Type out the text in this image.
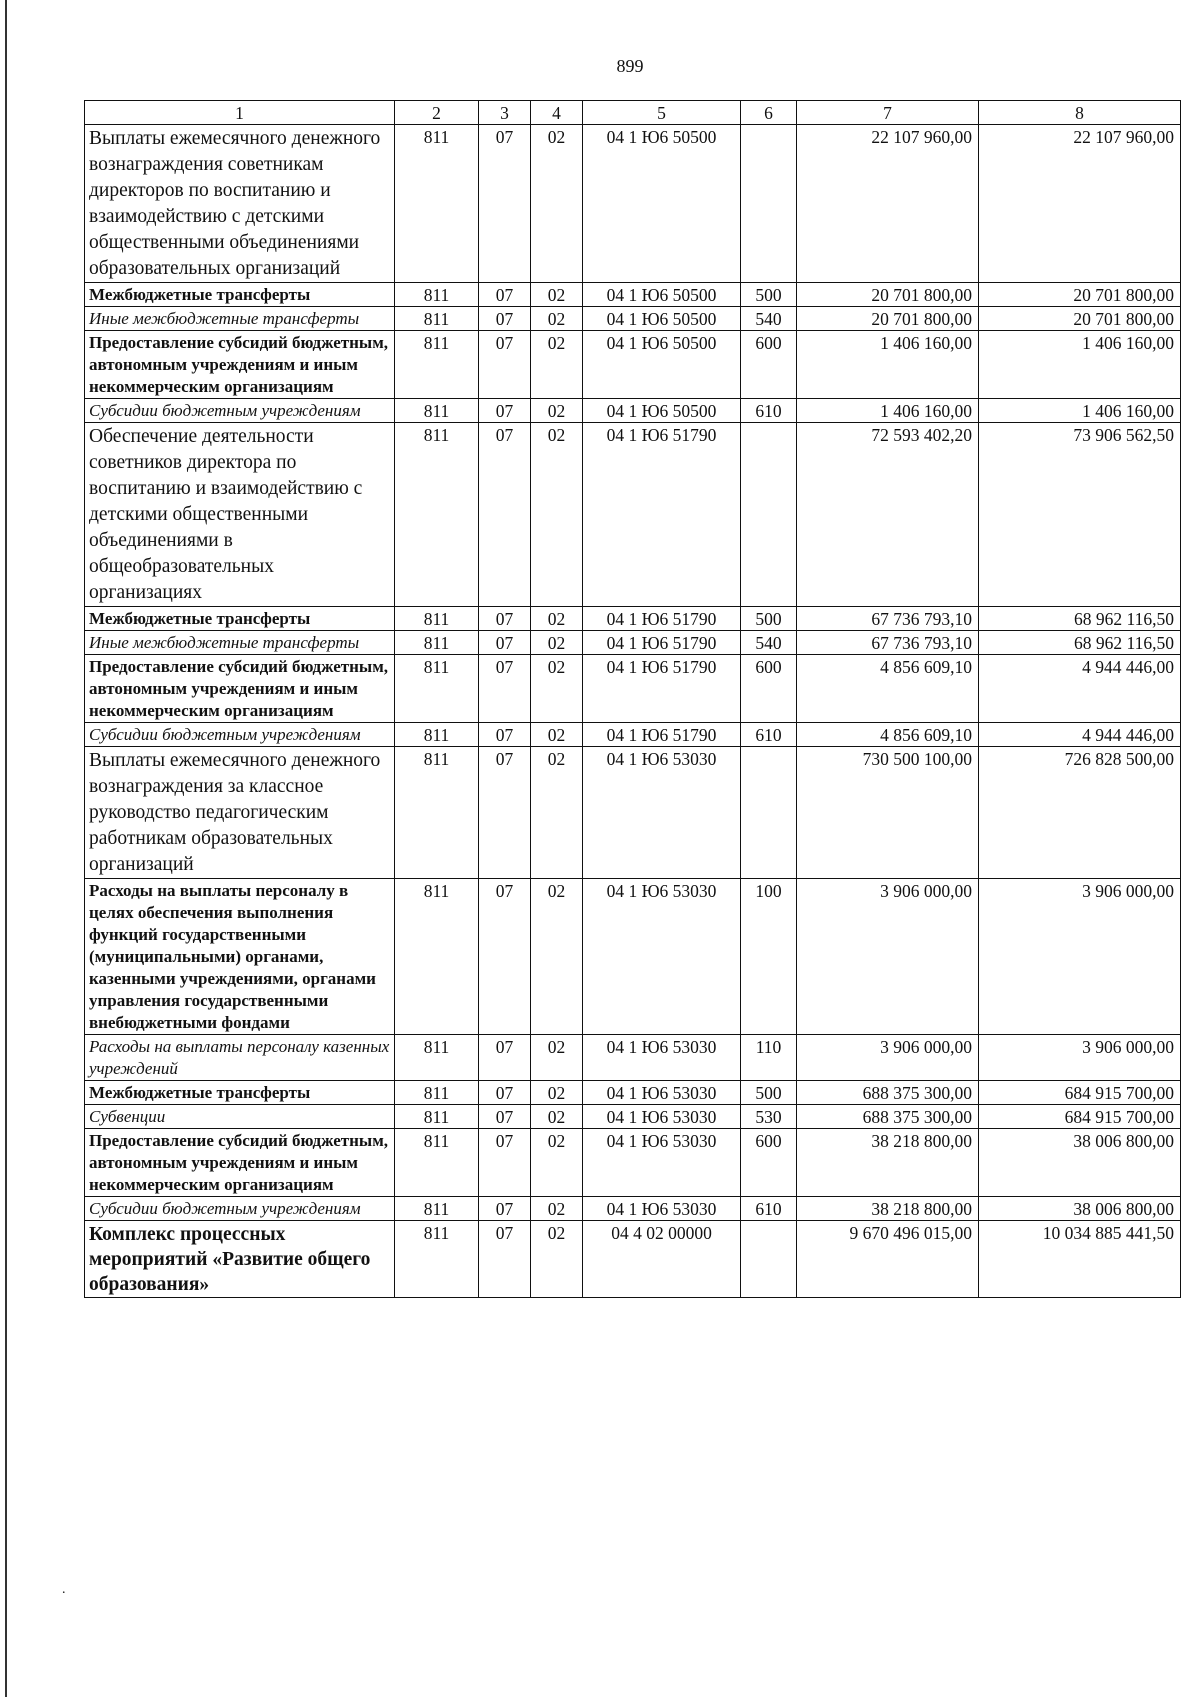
899
1	2	3	4	5	6	7	8
Выплаты ежемесячного денежного вознаграждения советникам директоров по воспитанию и взаимодействию с детскими общественными объединениями образовательных организаций	811	07	02	04 1 Ю6 50500		22 107 960,00	22 107 960,00
Межбюджетные трансферты	811	07	02	04 1 Ю6 50500	500	20 701 800,00	20 701 800,00
Иные межбюджетные трансферты	811	07	02	04 1 Ю6 50500	540	20 701 800,00	20 701 800,00
Предоставление субсидий бюджетным, автономным учреждениям и иным некоммерческим организациям	811	07	02	04 1 Ю6 50500	600	1 406 160,00	1 406 160,00
Субсидии бюджетным учреждениям	811	07	02	04 1 Ю6 50500	610	1 406 160,00	1 406 160,00
Обеспечение деятельности советников директора по воспитанию и взаимодействию с детскими общественными объединениями в общеобразовательных организациях	811	07	02	04 1 Ю6 51790		72 593 402,20	73 906 562,50
Межбюджетные трансферты	811	07	02	04 1 Ю6 51790	500	67 736 793,10	68 962 116,50
Иные межбюджетные трансферты	811	07	02	04 1 Ю6 51790	540	67 736 793,10	68 962 116,50
Предоставление субсидий бюджетным, автономным учреждениям и иным некоммерческим организациям	811	07	02	04 1 Ю6 51790	600	4 856 609,10	4 944 446,00
Субсидии бюджетным учреждениям	811	07	02	04 1 Ю6 51790	610	4 856 609,10	4 944 446,00
Выплаты ежемесячного денежного вознаграждения за классное руководство педагогическим работникам образовательных организаций	811	07	02	04 1 Ю6 53030		730 500 100,00	726 828 500,00
Расходы на выплаты персоналу в целях обеспечения выполнения функций государственными (муниципальными) органами, казенными учреждениями, органами управления государственными внебюджетными фондами	811	07	02	04 1 Ю6 53030	100	3 906 000,00	3 906 000,00
Расходы на выплаты персоналу казенных учреждений	811	07	02	04 1 Ю6 53030	110	3 906 000,00	3 906 000,00
Межбюджетные трансферты	811	07	02	04 1 Ю6 53030	500	688 375 300,00	684 915 700,00
Субвенции	811	07	02	04 1 Ю6 53030	530	688 375 300,00	684 915 700,00
Предоставление субсидий бюджетным, автономным учреждениям и иным некоммерческим организациям	811	07	02	04 1 Ю6 53030	600	38 218 800,00	38 006 800,00
Субсидии бюджетным учреждениям	811	07	02	04 1 Ю6 53030	610	38 218 800,00	38 006 800,00
Комплекс процессных мероприятий «Развитие общего образования»	811	07	02	04 4 02 00000		9 670 496 015,00	10 034 885 441,50
.
